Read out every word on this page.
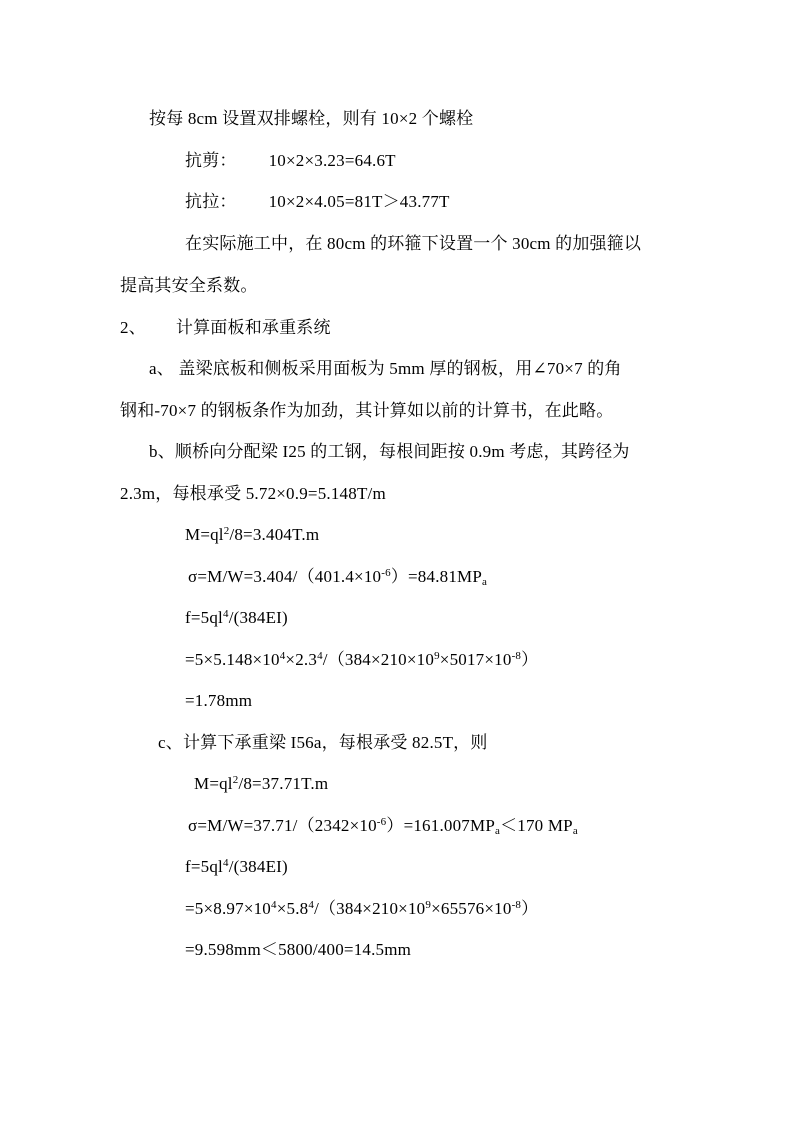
按每 8cm 设置双排螺栓，则有 10×2 个螺栓
抗剪： 10×2×3.23=64.6T
抗拉： 10×2×4.05=81T＞43.77T
在实际施工中，在 80cm 的环箍下设置一个 30cm 的加强箍以
提高其安全系数。
2、 计算面板和承重系统
a、 盖梁底板和侧板采用面板为 5mm 厚的钢板，用∠70×7 的角
钢和-70×7 的钢板条作为加劲，其计算如以前的计算书，在此略。
b、顺桥向分配梁 I25 的工钢，每根间距按 0.9m 考虑，其跨径为
2.3m，每根承受 5.72×0.9=5.148T/m
$M=ql^2/8=3.404T.m$
$\sigma=M/W=3.404/(401.4\times 10^{-6})=84.81MP_a$
$f=5ql^4/(384EI)$
$=5\times 5.148\times 10^4\times 2.3^4/(384\times 210\times 10^9\times 5017\times 10^{-8})$
=1.78mm
c、计算下承重梁 I56a，每根承受 82.5T，则
$M=ql^2/8=37.71T.m$
$\sigma=M/W=37.71/(2342\times 10^{-6})=161.007MP_a<170$ $MP_a$
$f=5ql^4/(384EI)$
$=5\times 8.97\times 10^4\times 5.8^4/(384\times 210\times 10^9\times 65576\times 10^{-8})$
=9.598mm＜5800/400=14.5mm
